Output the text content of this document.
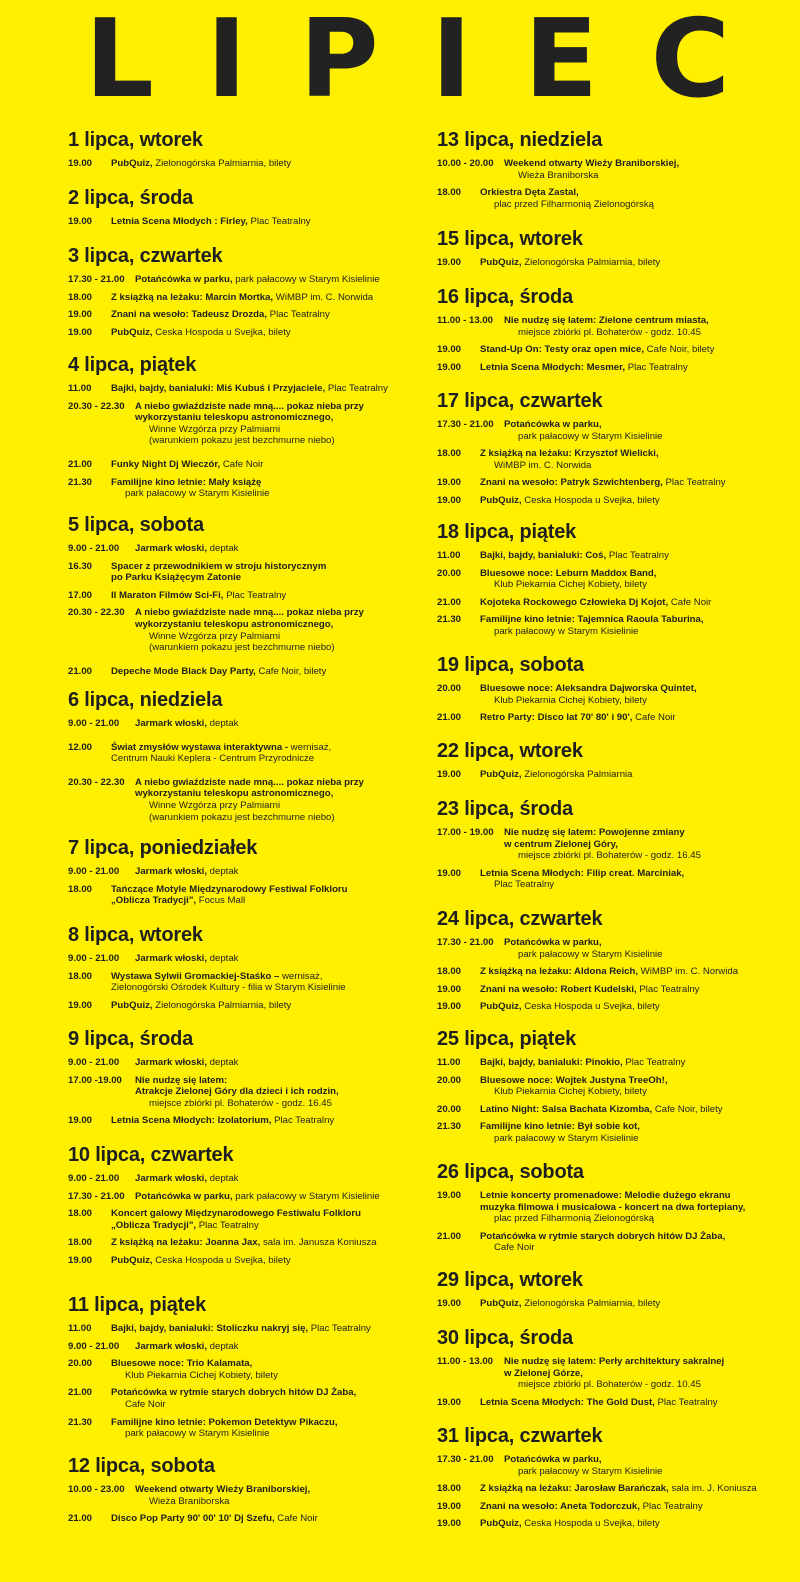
L I P I E C
1 lipca, wtorek
19.00	PubQuiz, Zielonogórska Palmiarnia, bilety
2 lipca, środa
19.00	Letnia Scena Młodych : Firley, Plac Teatralny
3 lipca, czwartek
17.30 - 21.00	Potańcówka w parku, park pałacowy w Starym Kisielinie
18.00	Z książką na leżaku: Marcin Mortka, WiMBP im. C. Norwida
19.00	Znani na wesoło: Tadeusz Drozda, Plac Teatralny
19.00	PubQuiz, Ceska Hospoda u Svejka, bilety
4 lipca, piątek
11.00	Bajki, bajdy, banialuki: Miś Kubuś i Przyjaciele, Plac Teatralny
20.30 - 22.30	A niebo gwiaździste nade mną.... pokaz nieba przy
wykorzystaniu teleskopu astronomicznego,
Winne Wzgórza przy Palmiarni
(warunkiem pokazu jest bezchmurne niebo)
21.00	Funky Night Dj Wieczór, Cafe Noir
21.30	Familijne kino letnie: Mały książę
park pałacowy w Starym Kisielinie
5 lipca, sobota
9.00 - 21.00	Jarmark włoski, deptak
16.30	Spacer z przewodnikiem w stroju historycznym
po Parku Książęcym Zatonie
17.00	II Maraton Filmów Sci-Fi, Plac Teatralny
20.30 - 22.30	A niebo gwiaździste nade mną.... pokaz nieba przy
wykorzystaniu teleskopu astronomicznego,
Winne Wzgórza przy Palmiarni
(warunkiem pokazu jest bezchmurne niebo)
21.00	Depeche Mode Black Day Party, Cafe Noir, bilety
6 lipca, niedziela
9.00 - 21.00	Jarmark włoski, deptak
12.00	Świat zmysłów wystawa interaktywna - wernisaż,
Centrum Nauki Keplera - Centrum Przyrodnicze
20.30 - 22.30	A niebo gwiaździste nade mną.... pokaz nieba przy
wykorzystaniu teleskopu astronomicznego,
Winne Wzgórza przy Palmiarni
(warunkiem pokazu jest bezchmurne niebo)
7 lipca, poniedziałek
9.00 - 21.00	Jarmark włoski, deptak
18.00	Tańczące Motyle Międzynarodowy Festiwal Folkloru
„Oblicza Tradycji", Focus Mall
8 lipca, wtorek
9.00 - 21.00	Jarmark włoski, deptak
18.00	Wystawa Sylwii Gromackiej-Staśko – wernisaż,
Zielonogórski Ośrodek Kultury - filia w Starym Kisielinie
19.00	PubQuiz, Zielonogórska Palmiarnia, bilety
9 lipca, środa
9.00 - 21.00	Jarmark włoski, deptak
17.00 -19.00	Nie nudzę się latem:
Atrakcje Zielonej Góry dla dzieci i ich rodzin,
miejsce zbiórki pl. Bohaterów - godz. 16.45
19.00	Letnia Scena Młodych: Izolatorium, Plac Teatralny
10 lipca, czwartek
9.00 - 21.00	Jarmark włoski, deptak
17.30 - 21.00	Potańcówka w parku, park pałacowy w Starym Kisielinie
18.00	Koncert galowy Międzynarodowego Festiwalu Folkloru
„Oblicza Tradycji", Plac Teatralny
18.00	Z książką na leżaku: Joanna Jax, sala im. Janusza Koniusza
19.00	PubQuiz, Ceska Hospoda u Svejka, bilety
11 lipca, piątek
11.00	Bajki, bajdy, banialuki: Stoliczku nakryj się, Plac Teatralny
9.00 - 21.00	Jarmark włoski, deptak
20.00	Bluesowe noce: Trio Kalamata,
Klub Piekarnia Cichej Kobiety, bilety
21.00	Potańcówka w rytmie starych dobrych hitów DJ Żaba,
Cafe Noir
21.30	Familijne kino letnie: Pokemon Detektyw Pikaczu,
park pałacowy w Starym Kisielinie
12 lipca, sobota
10.00 - 23.00	Weekend otwarty Wieży Braniborskiej,
Wieża Braniborska
21.00	Disco Pop Party 90' 00' 10' Dj Szefu, Cafe Noir
13 lipca, niedziela
10.00 - 20.00	Weekend otwarty Wieży Braniborskiej,
Wieża Braniborska
18.00	Orkiestra Dęta Zastal,
plac przed Filharmonią Zielonogórską
15 lipca, wtorek
19.00	PubQuiz, Zielonogórska Palmiarnia, bilety
16 lipca, środa
11.00 - 13.00	Nie nudzę się latem: Zielone centrum miasta,
miejsce zbiórki pl. Bohaterów - godz. 10.45
19.00	Stand-Up On: Testy oraz open mice, Cafe Noir, bilety
19.00	Letnia Scena Młodych: Mesmer, Plac Teatralny
17 lipca, czwartek
17.30 - 21.00	Potańcówka w parku,
park pałacowy w Starym Kisielinie
18.00	Z książką na leżaku: Krzysztof Wielicki,
WiMBP im. C. Norwida
19.00	Znani na wesoło: Patryk Szwichtenberg, Plac Teatralny
19.00	PubQuiz, Ceska Hospoda u Svejka, bilety
18 lipca, piątek
11.00	Bajki, bajdy, banialuki: Coś, Plac Teatralny
20.00	Bluesowe noce: Leburn Maddox Band,
Klub Piekarnia Cichej Kobiety, bilety
21.00	Kojoteka Rockowego Człowieka Dj Kojot, Cafe Noir
21.30	Familijne kino letnie: Tajemnica Raoula Taburina,
park pałacowy w Starym Kisielinie
19 lipca, sobota
20.00	Bluesowe noce: Aleksandra Dajworska Quintet,
Klub Piekarnia Cichej Kobiety, bilety
21.00	Retro Party: Disco lat 70' 80' i 90', Cafe Noir
22 lipca, wtorek
19.00	PubQuiz, Zielonogórska Palmiarnia
23 lipca, środa
17.00 - 19.00	Nie nudzę się latem: Powojenne zmiany
w centrum Zielonej Góry,
miejsce zbiórki pl. Bohaterów - godz. 16.45
19.00	Letnia Scena Młodych: Filip creat. Marciniak,
Plac Teatralny
24 lipca, czwartek
17.30 - 21.00	Potańcówka w parku,
park pałacowy w Starym Kisielinie
18.00	Z książką na leżaku: Aldona Reich, WiMBP im. C. Norwida
19.00	Znani na wesoło: Robert Kudelski, Plac Teatralny
19.00	PubQuiz, Ceska Hospoda u Svejka, bilety
25 lipca, piątek
11.00	Bajki, bajdy, banialuki: Pinokio, Plac Teatralny
20.00	Bluesowe noce: Wojtek Justyna TreeOh!,
Klub Piekarnia Cichej Kobiety, bilety
20.00	Latino Night: Salsa Bachata Kizomba, Cafe Noir, bilety
21.30	Familijne kino letnie: Był sobie kot,
park pałacowy w Starym Kisielinie
26 lipca, sobota
19.00	Letnie koncerty promenadowe: Melodie dużego ekranu
muzyka filmowa i musicalowa - koncert na dwa fortepiany,
plac przed Filharmonią Zielonogórską
21.00	Potańcówka w rytmie starych dobrych hitów DJ Żaba,
Cafe Noir
29 lipca, wtorek
19.00	PubQuiz, Zielonogórska Palmiarnia, bilety
30 lipca, środa
11.00 - 13.00	Nie nudzę się latem: Perły architektury sakralnej
w Zielonej Górze,
miejsce zbiórki pl. Bohaterów - godz. 10.45
19.00	Letnia Scena Młodych: The Gold Dust, Plac Teatralny
31 lipca, czwartek
17.30 - 21.00	Potańcówka w parku,
park pałacowy w Starym Kisielinie
18.00	Z książką na leżaku: Jarosław Barańczak, sala im. J. Koniusza
19.00	Znani na wesoło: Aneta Todorczuk, Plac Teatralny
19.00	PubQuiz, Ceska Hospoda u Svejka, bilety
